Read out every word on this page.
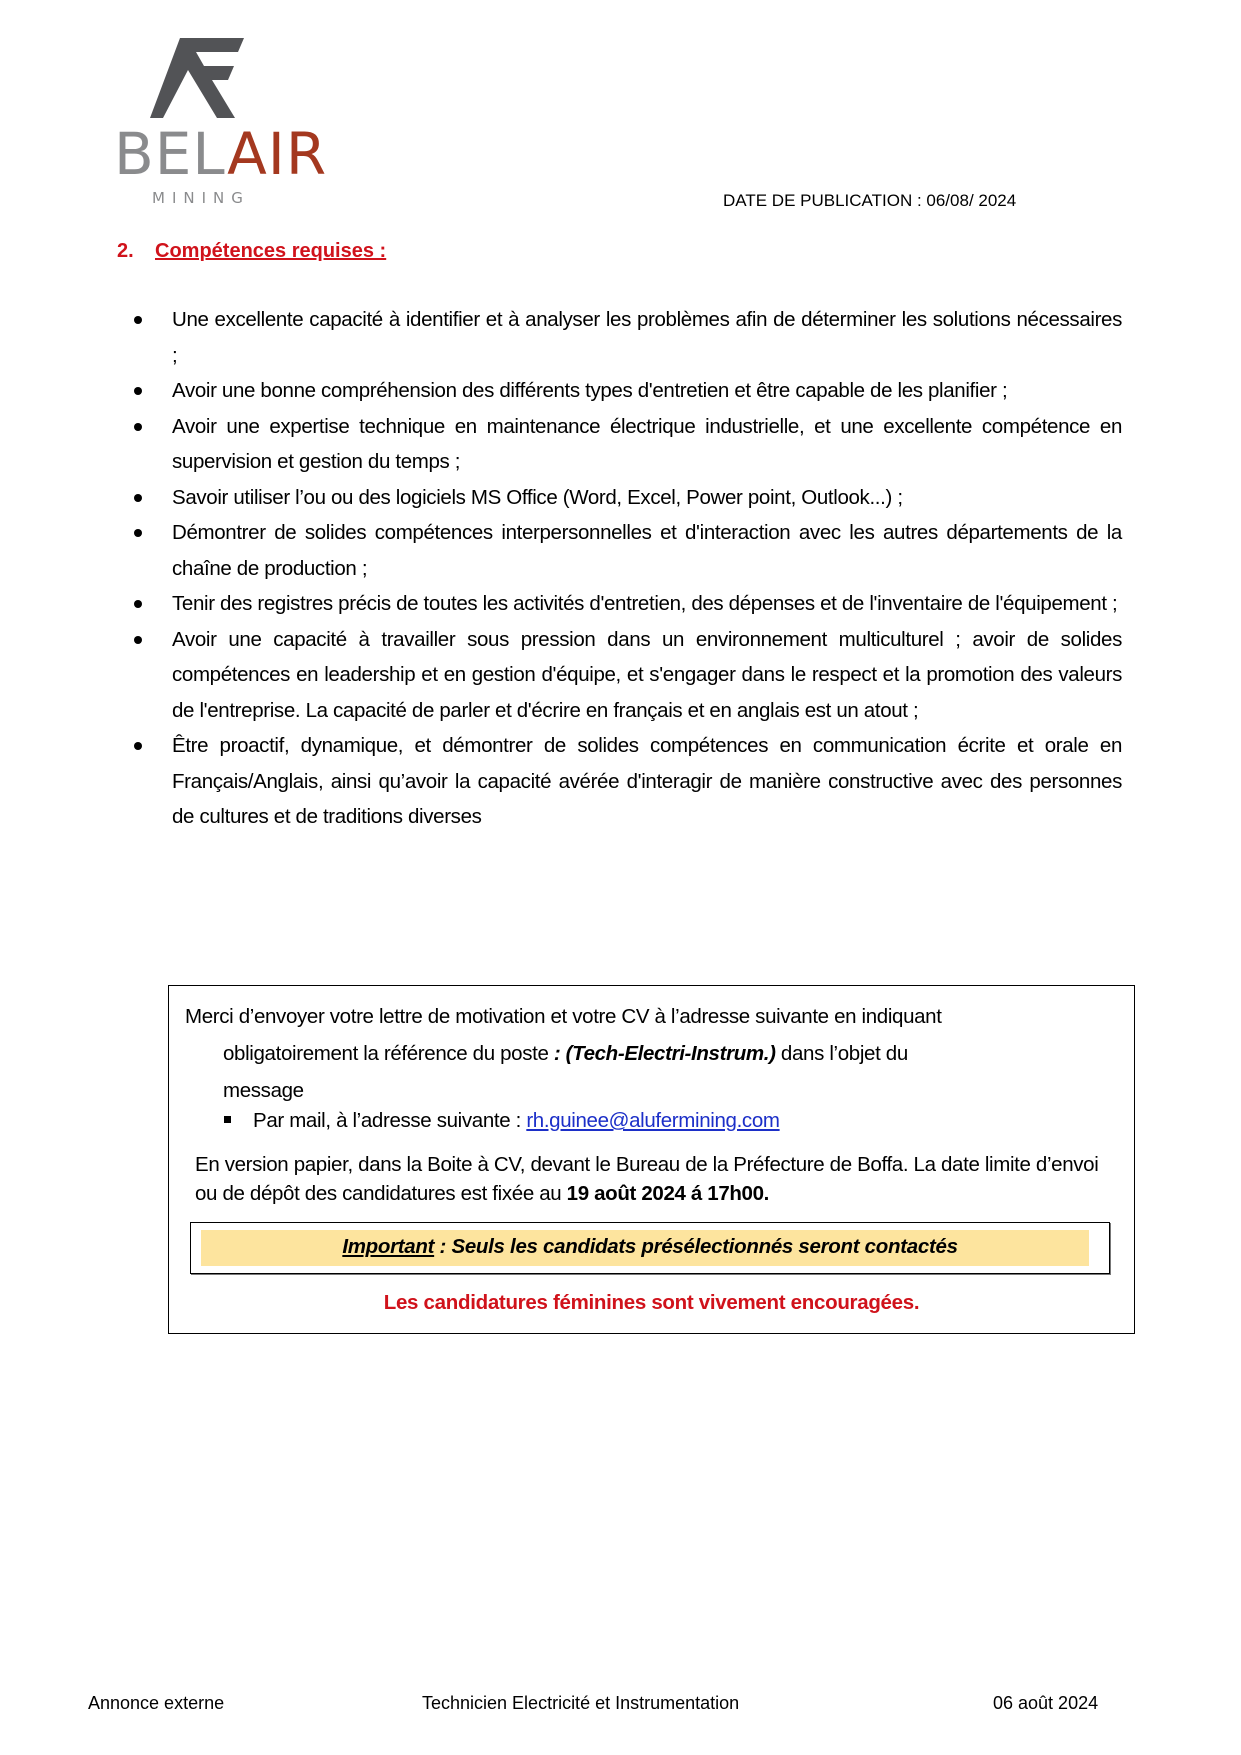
BELAIR
MINING	DATE DE PUBLICATION : 06/08/ 2024
2. Compétences requises :
Une excellente capacité à identifier et à analyser les problèmes afin de déterminer les solutions nécessaires ;
Avoir une bonne compréhension des différents types d'entretien et être capable de les planifier ;
Avoir une expertise technique en maintenance électrique industrielle, et une excellente compétence en supervision et gestion du temps ;
Savoir utiliser l’ou ou des logiciels MS Office (Word, Excel, Power point, Outlook...) ;
Démontrer de solides compétences interpersonnelles et d'interaction avec les autres départements de la chaîne de production ;
Tenir des registres précis de toutes les activités d'entretien, des dépenses et de l'inventaire de l'équipement ;
Avoir une capacité à travailler sous pression dans un environnement multiculturel ; avoir de solides compétences en leadership et en gestion d'équipe, et s'engager dans le respect et la promotion des valeurs de l'entreprise. La capacité de parler et d'écrire en français et en anglais est un atout ;
Être proactif, dynamique, et démontrer de solides compétences en communication écrite et orale en Français/Anglais, ainsi qu’avoir la capacité avérée d'interagir de manière constructive avec des personnes de cultures et de traditions diverses
Merci d’envoyer votre lettre de motivation et votre CV à l’adresse suivante en indiquant
obligatoirement la référence du poste : (Tech-Electri-Instrum.) dans l’objet du
message
Par mail, à l’adresse suivante : rh.guinee@alufermining.com
En version papier, dans la Boite à CV, devant le Bureau de la Préfecture de Boffa. La date limite d’envoi ou de dépôt des candidatures est fixée au 19 août 2024 á 17h00.
Important : Seuls les candidats présélectionnés seront contactés
Les candidatures féminines sont vivement encouragées.
Annonce externe	Technicien Electricité et Instrumentation	06 août 2024
